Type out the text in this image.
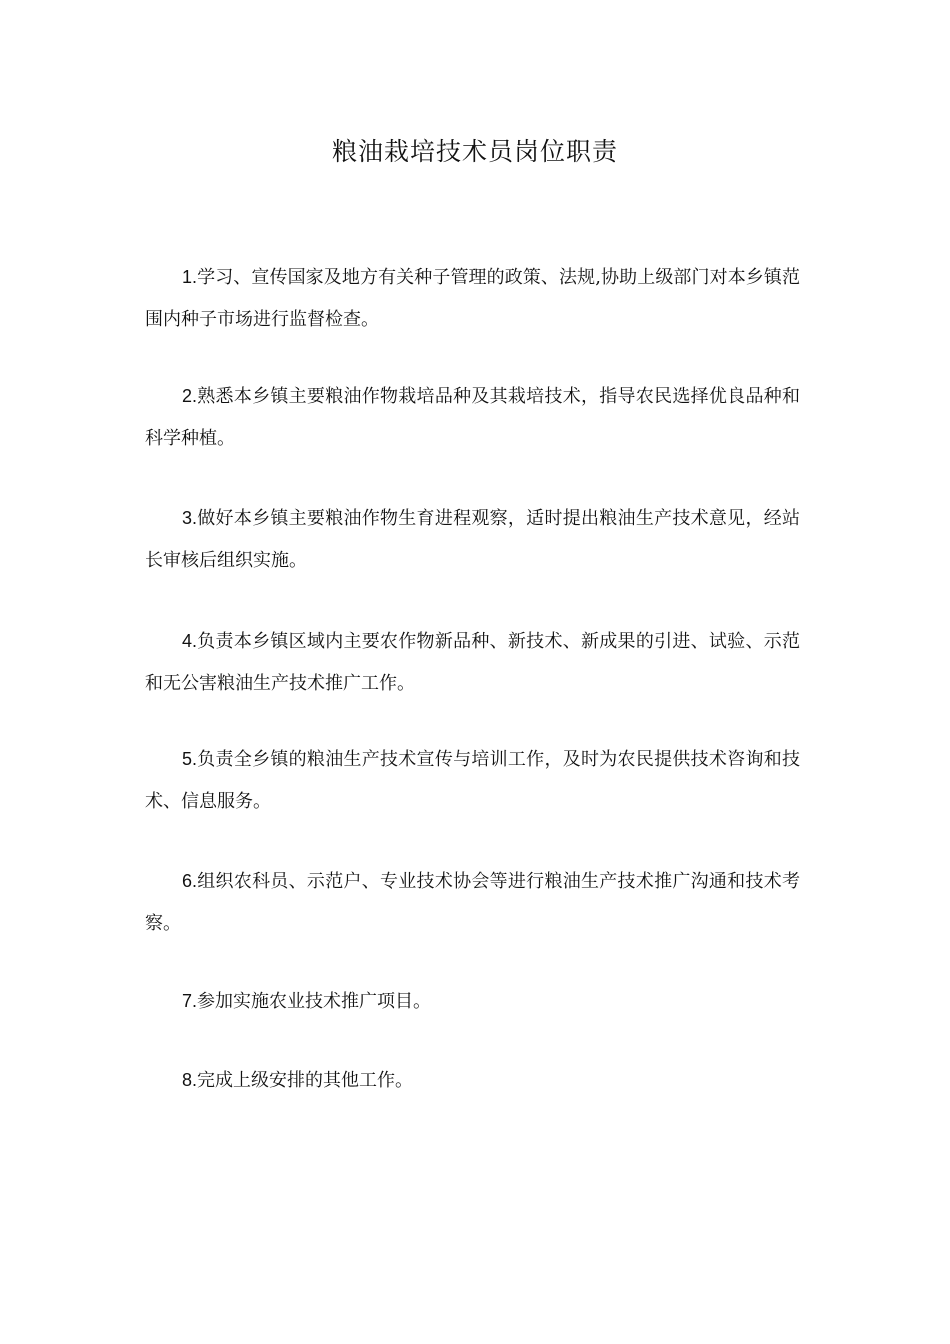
粮油栽培技术员岗位职责

1.学习、宣传国家及地方有关种子管理的政策、法规,协助上级部门对本乡镇范围内种子市场进行监督检查。

2.熟悉本乡镇主要粮油作物栽培品种及其栽培技术，指导农民选择优良品种和科学种植。

3.做好本乡镇主要粮油作物生育进程观察，适时提出粮油生产技术意见，经站长审核后组织实施。

4.负责本乡镇区域内主要农作物新品种、新技术、新成果的引进、试验、示范和无公害粮油生产技术推广工作。

5.负责全乡镇的粮油生产技术宣传与培训工作，及时为农民提供技术咨询和技术、信息服务。

6.组织农科员、示范户、专业技术协会等进行粮油生产技术推广沟通和技术考察。

7.参加实施农业技术推广项目。

8.完成上级安排的其他工作。
